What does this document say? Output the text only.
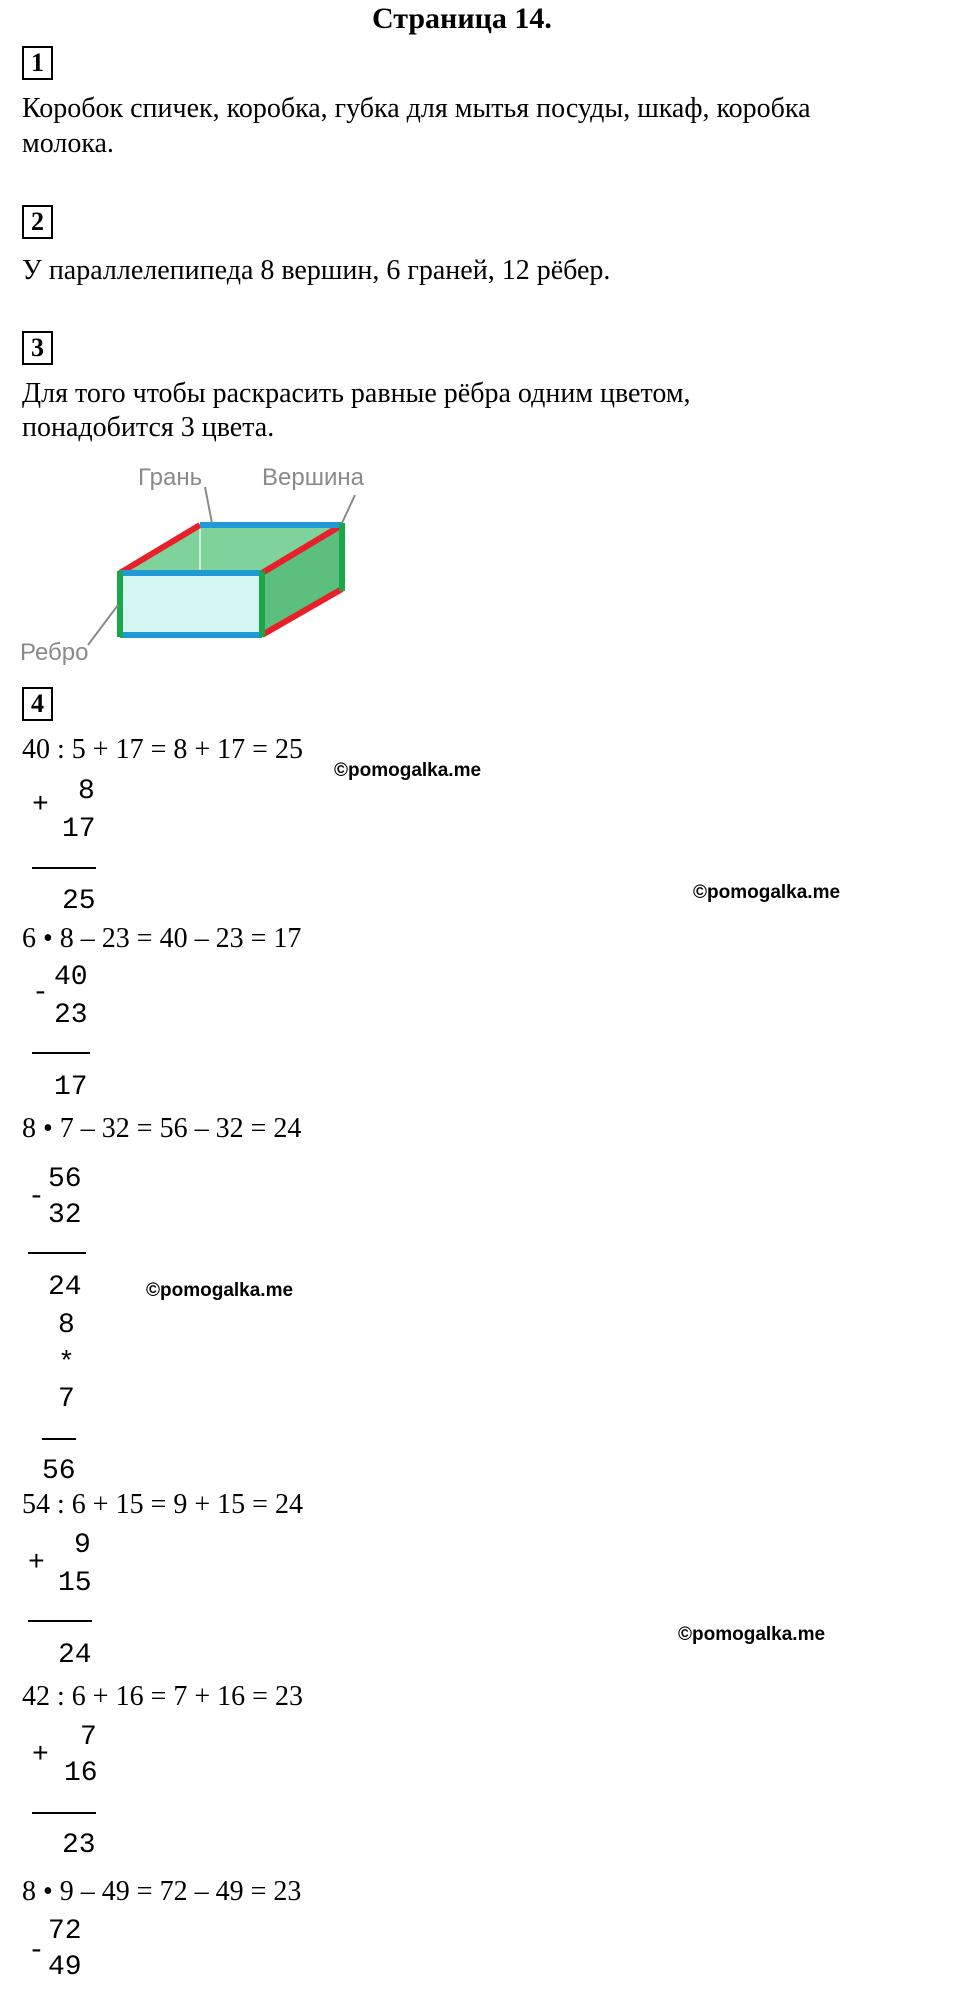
Страница 14.
1
Коробок спичек, коробка, губка для мытья посуды, шкаф, коробка
молока.
2
У параллелепипеда 8 вершин, 6 граней, 12 рёбер.
3
Для того чтобы раскрасить равные рёбра одним цветом,
понадобится 3 цвета.
Грань Вершина
Ребро
4
40 : 5 + 17 = 8 + 17 = 25
©pomogalka.me
+ 8
17
25	©pomogalka.me
6 • 8 – 23 = 40 – 23 = 17
-
40
23
17
8 • 7 – 32 = 56 – 32 = 24
-
56
32
24	©pomogalka.me
8
*
7
56
54 : 6 + 15 = 9 + 15 = 24
+
9
15
24
©pomogalka.me
42 : 6 + 16 = 7 + 16 = 23
+
7
16
23
8 • 9 – 49 = 72 – 49 = 23
-
72
49
